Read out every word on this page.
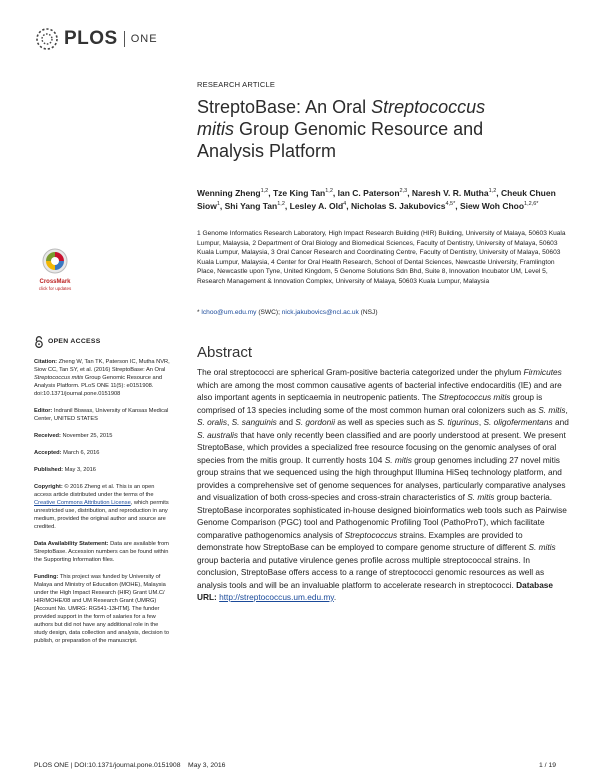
PLOS ONE
RESEARCH ARTICLE
StreptoBase: An Oral Streptococcus mitis Group Genomic Resource and Analysis Platform
Wenning Zheng$^{1,2}$, Tze King Tan$^{1,2}$, Ian C. Paterson$^{2,3}$, Naresh V. R. Mutha$^{1,2}$, Cheuk Chuen Siow$^1$, Shi Yang Tan$^{1,2}$, Lesley A. Old$^4$, Nicholas S. Jakubovics$^{4,5*}$, Siew Woh Choo$^{1,2,6*}$
1 Genome Informatics Research Laboratory, High Impact Research Building (HIR) Building, University of Malaya, 50603 Kuala Lumpur, Malaysia, 2 Department of Oral Biology and Biomedical Sciences, Faculty of Dentistry, University of Malaya, 50603 Kuala Lumpur, Malaysia, 3 Oral Cancer Research and Coordinating Centre, Faculty of Dentistry, University of Malaya, 50603 Kuala Lumpur, Malaysia, 4 Center for Oral Health Research, School of Dental Sciences, Newcastle University, Framlington Place, Newcastle upon Tyne, United Kingdom, 5 Genome Solutions Sdn Bhd, Suite 8, Innovation Incubator UM, Level 5, Research Management & Innovation Complex, University of Malaya, 50603 Kuala Lumpur, Malaysia
* lchoo@um.edu.my (SWC); nick.jakubovics@ncl.ac.uk (NSJ)
CrossMark
click for updates
OPEN ACCESS

Citation: Zheng W, Tan TK, Paterson IC, Mutha NVR, Siow CC, Tan SY, et al. (2016) StreptoBase: An Oral Streptococcus mitis Group Genomic Resource and Analysis Platform. PLoS ONE 11(5): e0151908. doi:10.1371/journal.pone.0151908

Editor: Indranil Biswas, University of Kansas Medical Center, UNITED STATES

Received: November 25, 2015

Accepted: March 6, 2016

Published: May 3, 2016

Copyright: © 2016 Zheng et al. This is an open access article distributed under the terms of the Creative Commons Attribution License, which permits unrestricted use, distribution, and reproduction in any medium, provided the original author and source are credited.

Data Availability Statement: Data are available from StreptoBase. Accession numbers can be found within the Supporting Information files.

Funding: This project was funded by University of Malaya and Ministry of Education (MOHE), Malaysia under the High Impact Research (HIR) Grant UM.C/ HIR/MOHE/08 and UM Research Grant (UMRG) [Account No. UMRG: RG541-13HTM]. The funder provided support in the form of salaries for a few authors but did not have any additional role in the study design, data collection and analysis, decision to publish, or preparation of the manuscript.

Abstract
The oral streptococci are spherical Gram-positive bacteria categorized under the phylum Firmicutes which are among the most common causative agents of bacterial infective endocarditis (IE) and are also important agents in septicaemia in neutropenic patients. The Streptococcus mitis group is comprised of 13 species including some of the most common human oral colonizers such as S. mitis, S. oralis, S. sanguinis and S. gordonii as well as species such as S. tigurinus, S. oligofermentans and S. australis that have only recently been classified and are poorly understood at present. We present StreptoBase, which provides a specialized free resource focusing on the genomic analyses of oral species from the mitis group. It currently hosts 104 S. mitis group genomes including 27 novel mitis group strains that we sequenced using the high throughput Illumina HiSeq technology platform, and provides a comprehensive set of genome sequences for analyses, particularly comparative analyses and visualization of both cross-species and cross-strain characteristics of S. mitis group bacteria. StreptoBase incorporates sophisticated in-house designed bioinformatics web tools such as Pairwise Genome Comparison (PGC) tool and Pathogenomic Profiling Tool (PathoProT), which facilitate comparative pathogenomics analysis of Streptococcus strains. Examples are provided to demonstrate how StreptoBase can be employed to compare genome structure of different S. mitis group bacteria and putative virulence genes profile across multiple streptococcal strains. In conclusion, StreptoBase offers access to a range of streptococci genomic resources as well as analysis tools and will be an invaluable platform to accelerate research in streptococci. Database URL: http://streptococcus.um.edu.my.
PLOS ONE | DOI:10.1371/journal.pone.0151908    May 3, 2016	1 / 19
